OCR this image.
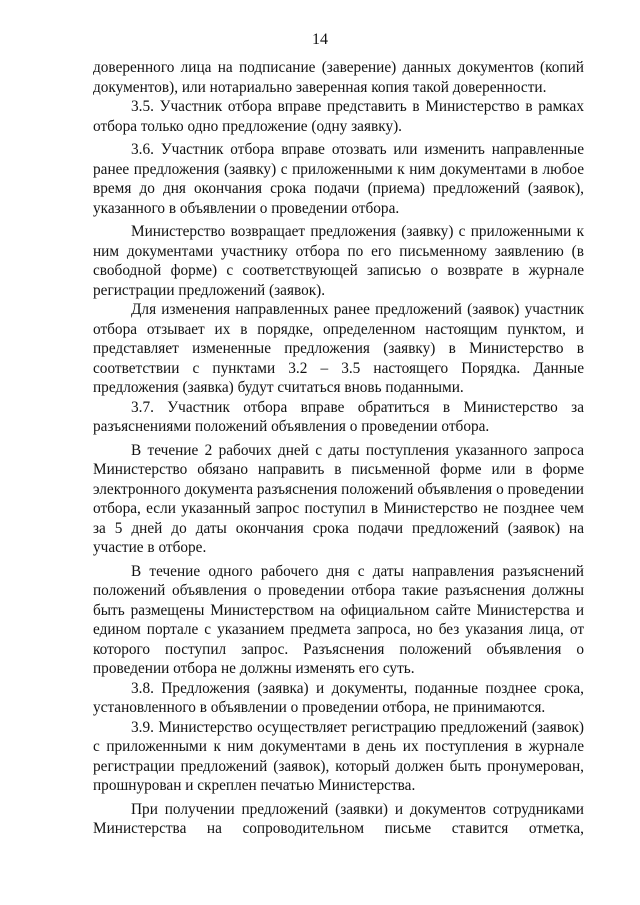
14

доверенного лица на подписание (заверение) данных документов (копий документов), или нотариально заверенная копия такой доверенности.

3.5. Участник отбора вправе представить в Министерство в рамках отбора только одно предложение (одну заявку).

3.6. Участник отбора вправе отозвать или изменить направленные ранее предложения (заявку) с приложенными к ним документами в любое время до дня окончания срока подачи (приема) предложений (заявок), указанного в объявлении о проведении отбора.

Министерство возвращает предложения (заявку) с приложенными к ним документами участнику отбора по его письменному заявлению (в свободной форме) с соответствующей записью о возврате в журнале регистрации предложений (заявок).

Для изменения направленных ранее предложений (заявок) участник отбора отзывает их в порядке, определенном настоящим пунктом, и представляет измененные предложения (заявку) в Министерство в соответствии с пунктами 3.2 – 3.5 настоящего Порядка. Данные предложения (заявка) будут считаться вновь поданными.

3.7. Участник отбора вправе обратиться в Министерство за разъяснениями положений объявления о проведении отбора.

В течение 2 рабочих дней с даты поступления указанного запроса Министерство обязано направить в письменной форме или в форме электронного документа разъяснения положений объявления о проведении отбора, если указанный запрос поступил в Министерство не позднее чем за 5 дней до даты окончания срока подачи предложений (заявок) на участие в отборе.

В течение одного рабочего дня с даты направления разъяснений положений объявления о проведении отбора такие разъяснения должны быть размещены Министерством на официальном сайте Министерства и едином портале с указанием предмета запроса, но без указания лица, от которого поступил запрос. Разъяснения положений объявления о проведении отбора не должны изменять его суть.

3.8. Предложения (заявка) и документы, поданные позднее срока, установленного в объявлении о проведении отбора, не принимаются.

3.9. Министерство осуществляет регистрацию предложений (заявок) с приложенными к ним документами в день их поступления в журнале регистрации предложений (заявок), который должен быть пронумерован, прошнурован и скреплен печатью Министерства.

При получении предложений (заявки) и документов сотрудниками Министерства на сопроводительном письме ставится отметка,
